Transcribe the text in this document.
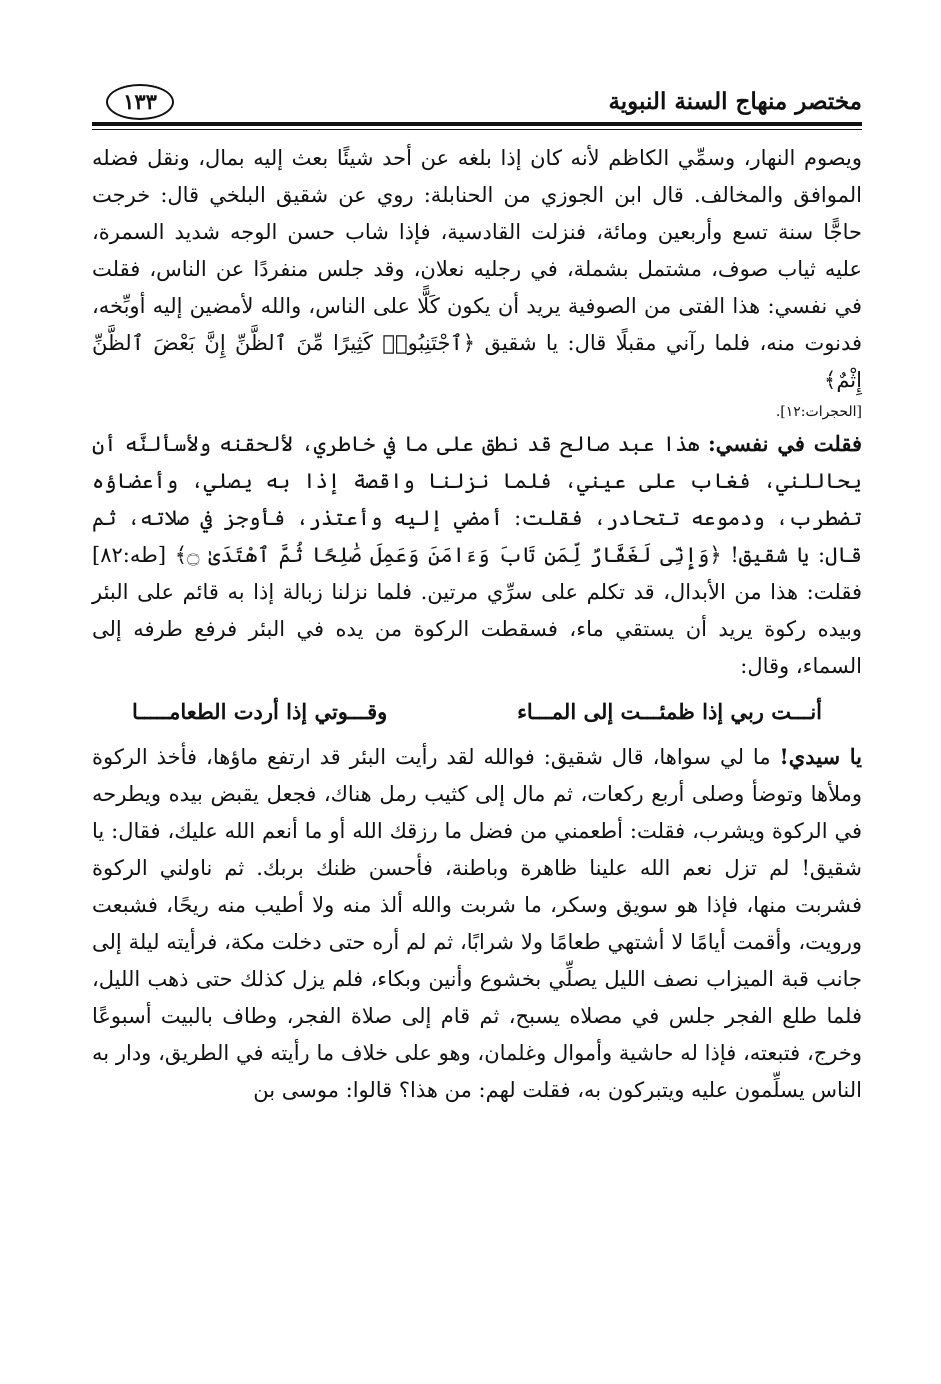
مختصر منهاج السنة النبوية
١٣٣

ويصوم النهار، وسمِّي الكاظم لأنه كان إذا بلغه عن أحد شيئًا بعث إليه بمال، ونقل فضله الموافق والمخالف. قال ابن الجوزي من الحنابلة: روي عن شقيق البلخي قال: خرجت حاجًّا سنة تسع وأربعين ومائة، فنزلت القادسية، فإذا شاب حسن الوجه شديد السمرة، عليه ثياب صوف، مشتمل بشملة، في رجليه نعلان، وقد جلس منفردًا عن الناس، فقلت في نفسي: هذا الفتى من الصوفية يريد أن يكون كَلًّا على الناس، والله لأمضين إليه أوبِّخه، فدنوت منه، فلما رآني مقبلًا قال: يا شقيق ﴿ٱجْتَنِبُوا۟ كَثِيرًا مِّنَ ٱلظَّنِّ إِنَّ بَعْضَ ٱلظَّنِّ إِثْمٌ﴾

[الحجرات:١٢].

فقلت في نفسي: هذا عبد صالح قد نطق على ما في خاطري، لألحقنه ولأسألنَّه أن يحاللني، فغاب على عيني، فلما نزلنا واقصة إذا به يصلي، وأعضاؤه تضطرب، ودموعه تتحادر، فقلت: أمضي إليه وأعتذر، فأوجز في صلاته، ثم قال: يا شقيق! ﴿وَإِنِّى لَغَفَّارٌ لِّمَن تَابَ وَءَامَنَ وَعَمِلَ صَٰلِحًا ثُمَّ ٱهْتَدَىٰ ۝﴾ [طه:٨٢] فقلت: هذا من الأبدال، قد تكلم على سرِّي مرتين. فلما نزلنا زبالة إذا به قائم على البئر وبيده ركوة يريد أن يستقي ماء، فسقطت الركوة من يده في البئر فرفع طرفه إلى السماء، وقال:

أنـــت ربي إذا ظمئـــت إلى المـــاء
وقـــوتي إذا أردت الطعامـــــا

يا سيدي! ما لي سواها، قال شقيق: فوالله لقد رأيت البئر قد ارتفع ماؤها، فأخذ الركوة وملأها وتوضأ وصلى أربع ركعات، ثم مال إلى كثيب رمل هناك، فجعل يقبض بيده ويطرحه في الركوة ويشرب، فقلت: أطعمني من فضل ما رزقك الله أو ما أنعم الله عليك، فقال: يا شقيق! لم تزل نعم الله علينا ظاهرة وباطنة، فأحسن ظنك بربك. ثم ناولني الركوة فشربت منها، فإذا هو سويق وسكر، ما شربت والله ألذ منه ولا أطيب منه ريحًا، فشبعت ورويت، وأقمت أيامًا لا أشتهي طعامًا ولا شرابًا، ثم لم أره حتى دخلت مكة، فرأيته ليلة إلى جانب قبة الميزاب نصف الليل يصلِّي بخشوع وأنين وبكاء، فلم يزل كذلك حتى ذهب الليل، فلما طلع الفجر جلس في مصلاه يسبح، ثم قام إلى صلاة الفجر، وطاف بالبيت أسبوعًا وخرج، فتبعته، فإذا له حاشية وأموال وغلمان، وهو على خلاف ما رأيته في الطريق، ودار به الناس يسلِّمون عليه ويتبركون به، فقلت لهم: من هذا؟ قالوا: موسى بن
